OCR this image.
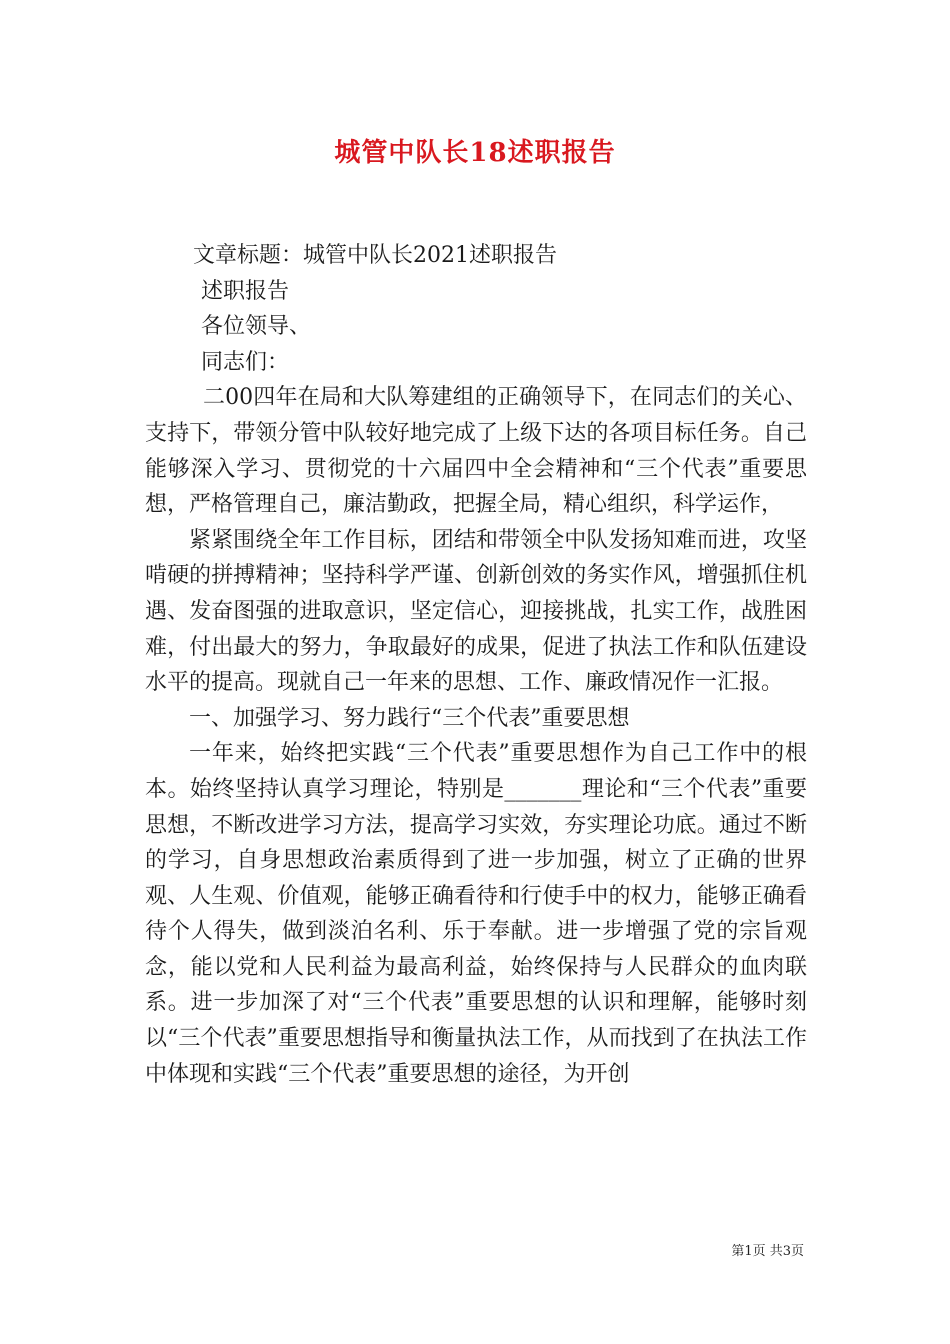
城管中队长18述职报告

文章标题：城管中队长2021述职报告

述职报告

各位领导、

同志们：

二00四年在局和大队筹建组的正确领导下，在同志们的关心、支持下，带领分管中队较好地完成了上级下达的各项目标任务。自己能够深入学习、贯彻党的十六届四中全会精神和“三个代表”重要思想，严格管理自己，廉洁勤政，把握全局，精心组织，科学运作，

紧紧围绕全年工作目标，团结和带领全中队发扬知难而进，攻坚啃硬的拼搏精神；坚持科学严谨、创新创效的务实作风，增强抓住机遇、发奋图强的进取意识，坚定信心，迎接挑战，扎实工作，战胜困难，付出最大的努力，争取最好的成果，促进了执法工作和队伍建设水平的提高。现就自己一年来的思想、工作、廉政情况作一汇报。

一、加强学习、努力践行“三个代表”重要思想

一年来，始终把实践“三个代表”重要思想作为自己工作中的根本。始终坚持认真学习理论，特别是_______理论和“三个代表”重要思想，不断改进学习方法，提高学习实效，夯实理论功底。通过不断的学习，自身思想政治素质得到了进一步加强，树立了正确的世界观、人生观、价值观，能够正确看待和行使手中的权力，能够正确看待个人得失，做到淡泊名利、乐于奉献。进一步增强了党的宗旨观念，能以党和人民利益为最高利益，始终保持与人民群众的血肉联系。进一步加深了对“三个代表”重要思想的认识和理解，能够时刻以“三个代表”重要思想指导和衡量执法工作，从而找到了在执法工作中体现和实践“三个代表”重要思想的途径，为开创

第1页 共3页
